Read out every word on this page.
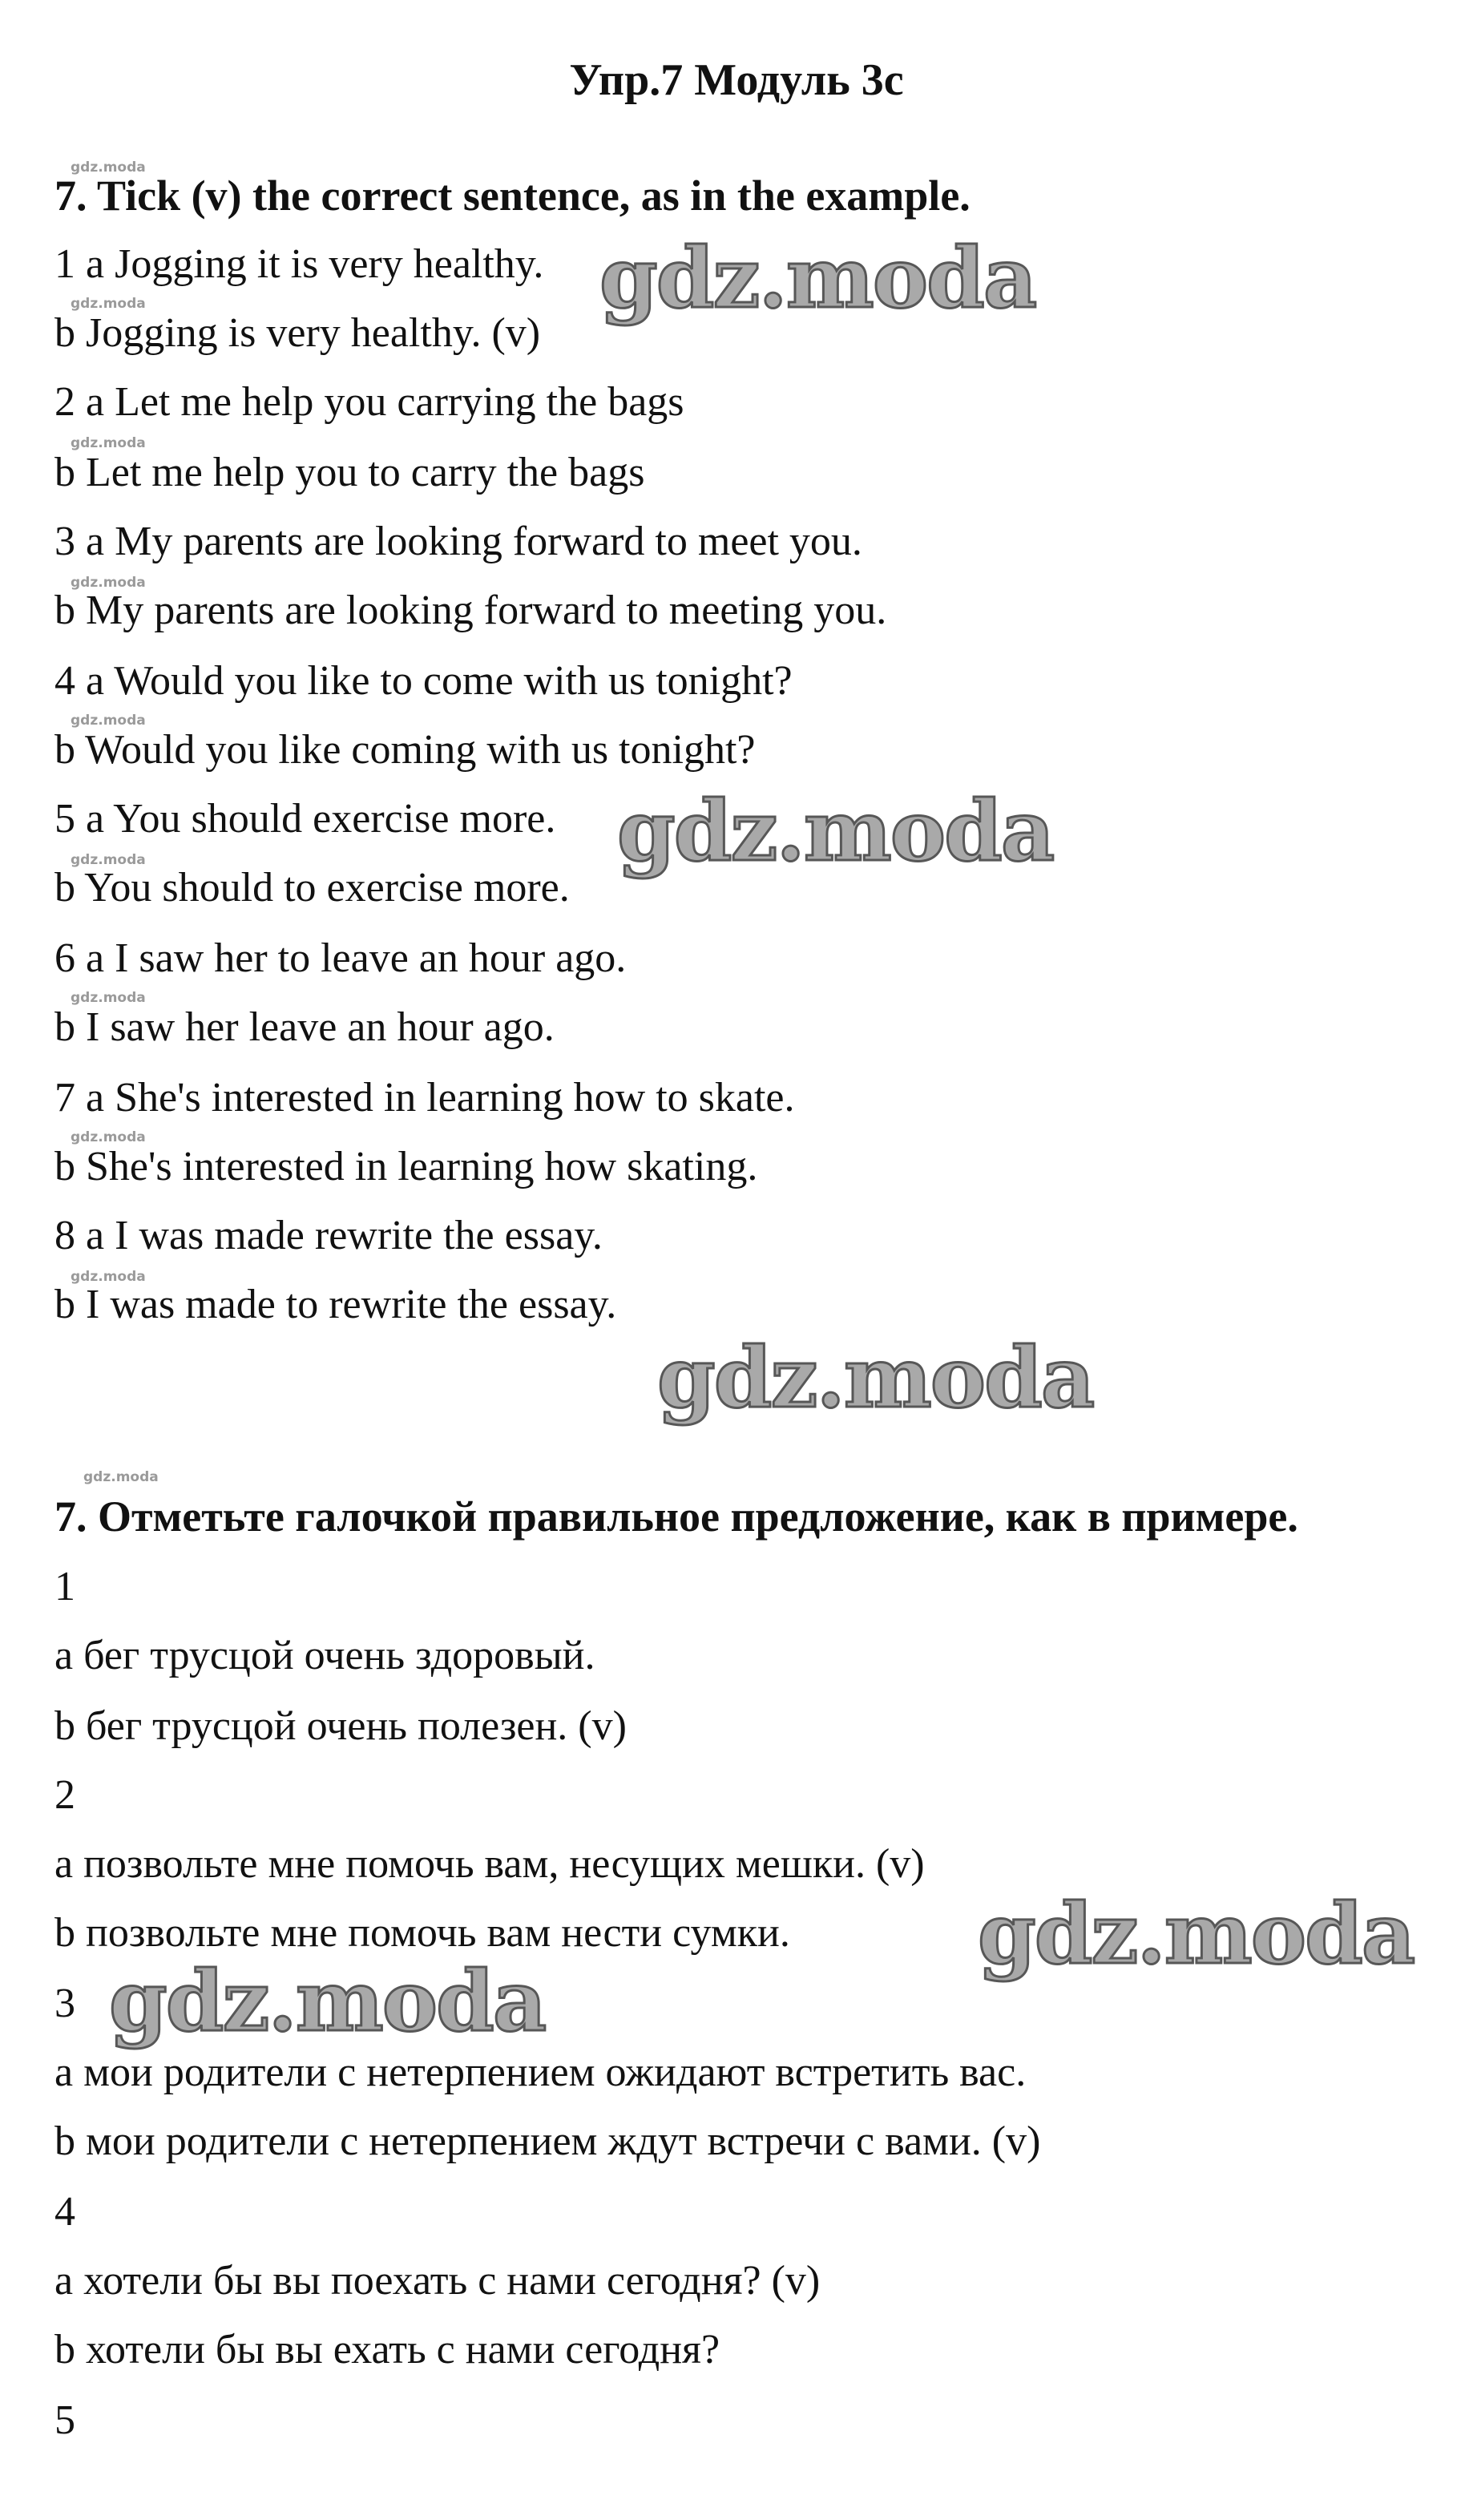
Упр.7 Модуль 3с
gdz.moda
7. Tick (v) the correct sentence, as in the example.
1 a Jogging it is very healthy.
gdz.moda
b Jogging is very healthy. (v)
2 a Let me help you carrying the bags
gdz.moda
b Let me help you to carry the bags
3 a My parents are looking forward to meet you.
gdz.moda
b My parents are looking forward to meeting you.
4 a Would you like to come with us tonight?
gdz.moda
b Would you like coming with us tonight?
5 a You should exercise more.
gdz.moda
b You should to exercise more.
6 a I saw her to leave an hour ago.
gdz.moda
b I saw her leave an hour ago.
7 a She's interested in learning how to skate.
gdz.moda
b She's interested in learning how skating.
8 a I was made rewrite the essay.
gdz.moda
b I was made to rewrite the essay.
gdz.moda
7. Отметьте галочкой правильное предложение, как в примере.
1
a бег трусцой очень здоровый.
b бег трусцой очень полезен. (v)
2
a позвольте мне помочь вам, несущих мешки. (v)
b позвольте мне помочь вам нести сумки.
3
a мои родители с нетерпением ожидают встретить вас.
b мои родители с нетерпением ждут встречи с вами. (v)
4
a хотели бы вы поехать с нами сегодня? (v)
b хотели бы вы ехать с нами сегодня?
5
gdz.moda
gdz.moda
gdz.moda
gdz.moda
gdz.moda
